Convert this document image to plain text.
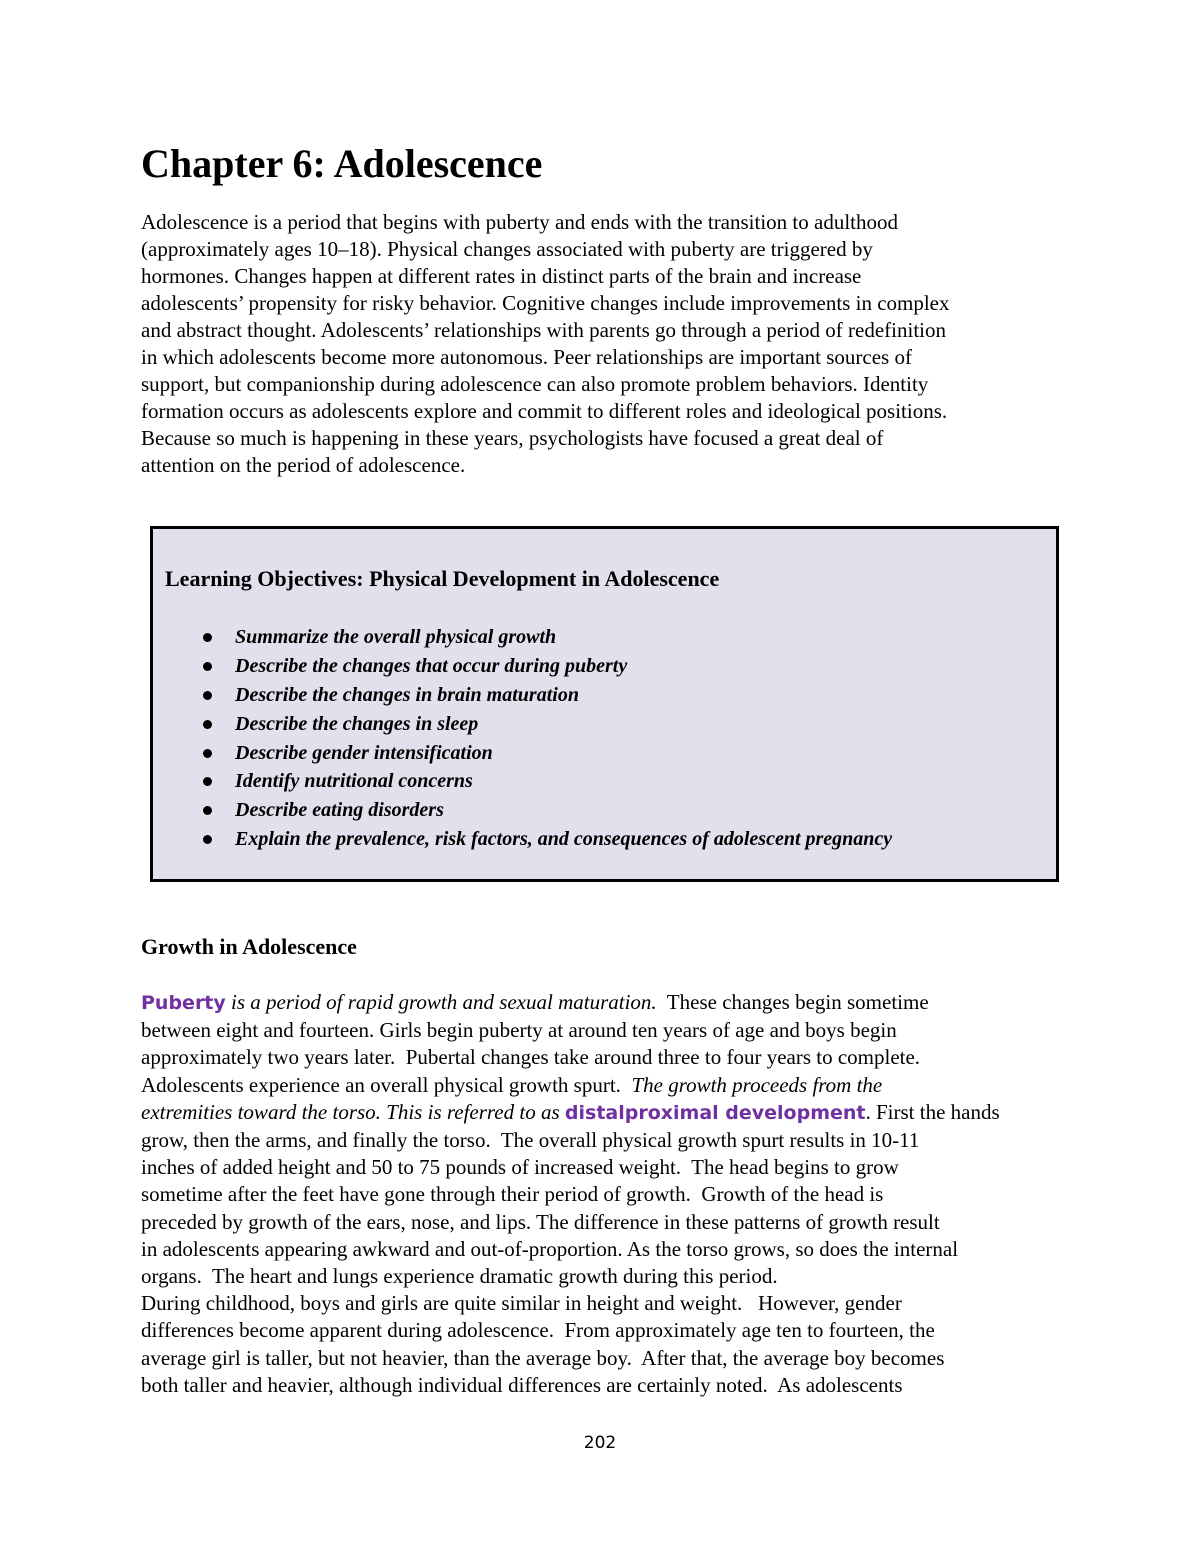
Chapter 6: Adolescence

Adolescence is a period that begins with puberty and ends with the transition to adulthood
(approximately ages 10–18). Physical changes associated with puberty are triggered by
hormones. Changes happen at different rates in distinct parts of the brain and increase
adolescents’ propensity for risky behavior. Cognitive changes include improvements in complex
and abstract thought. Adolescents’ relationships with parents go through a period of redefinition
in which adolescents become more autonomous. Peer relationships are important sources of
support, but companionship during adolescence can also promote problem behaviors. Identity
formation occurs as adolescents explore and commit to different roles and ideological positions.
Because so much is happening in these years, psychologists have focused a great deal of
attention on the period of adolescence.

Learning Objectives: Physical Development in Adolescence
Summarize the overall physical growth
Describe the changes that occur during puberty
Describe the changes in brain maturation
Describe the changes in sleep
Describe gender intensification
Identify nutritional concerns
Describe eating disorders
Explain the prevalence, risk factors, and consequences of adolescent pregnancy
Growth in Adolescence

Puberty is a period of rapid growth and sexual maturation.  These changes begin sometime
between eight and fourteen. Girls begin puberty at around ten years of age and boys begin
approximately two years later.  Pubertal changes take around three to four years to complete.
Adolescents experience an overall physical growth spurt.  The growth proceeds from the
extremities toward the torso. This is referred to as distalproximal development. First the hands
grow, then the arms, and finally the torso.  The overall physical growth spurt results in 10-11
inches of added height and 50 to 75 pounds of increased weight.  The head begins to grow
sometime after the feet have gone through their period of growth.  Growth of the head is
preceded by growth of the ears, nose, and lips. The difference in these patterns of growth result
in adolescents appearing awkward and out-of-proportion. As the torso grows, so does the internal
organs.  The heart and lungs experience dramatic growth during this period.
During childhood, boys and girls are quite similar in height and weight.   However, gender
differences become apparent during adolescence.  From approximately age ten to fourteen, the
average girl is taller, but not heavier, than the average boy.  After that, the average boy becomes
both taller and heavier, although individual differences are certainly noted.  As adolescents

202
